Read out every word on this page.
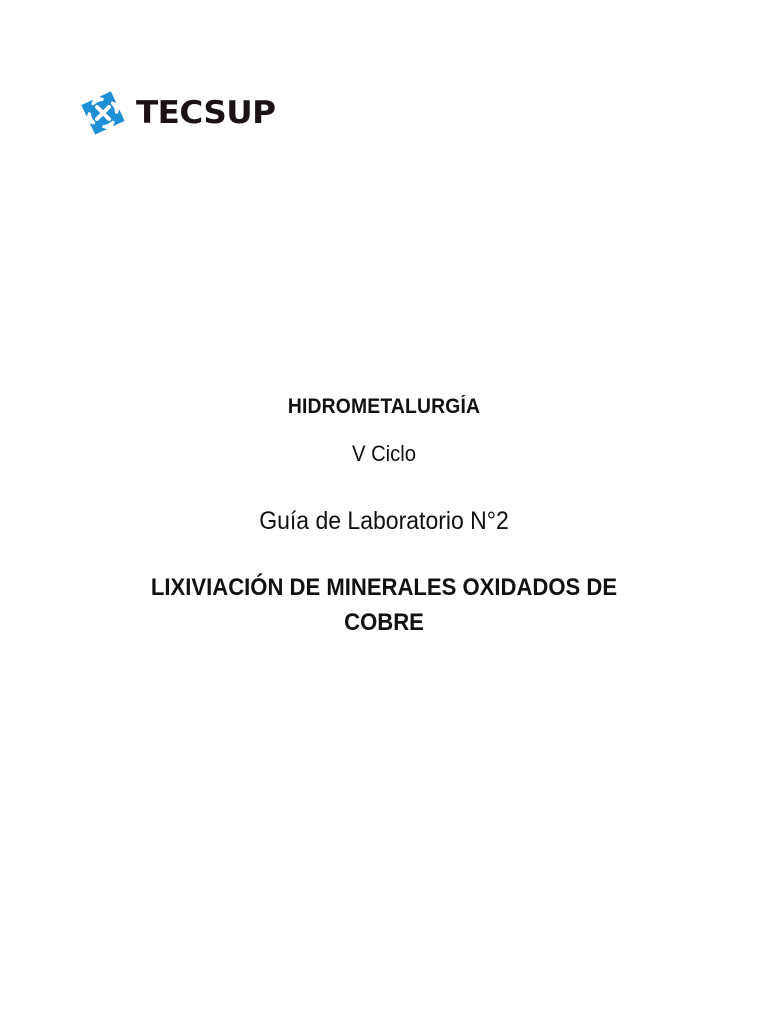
TECSUP
HIDROMETALURGÍA
V Ciclo
Guía de Laboratorio N°2
LIXIVIACIÓN DE MINERALES OXIDADOS DE COBRE
